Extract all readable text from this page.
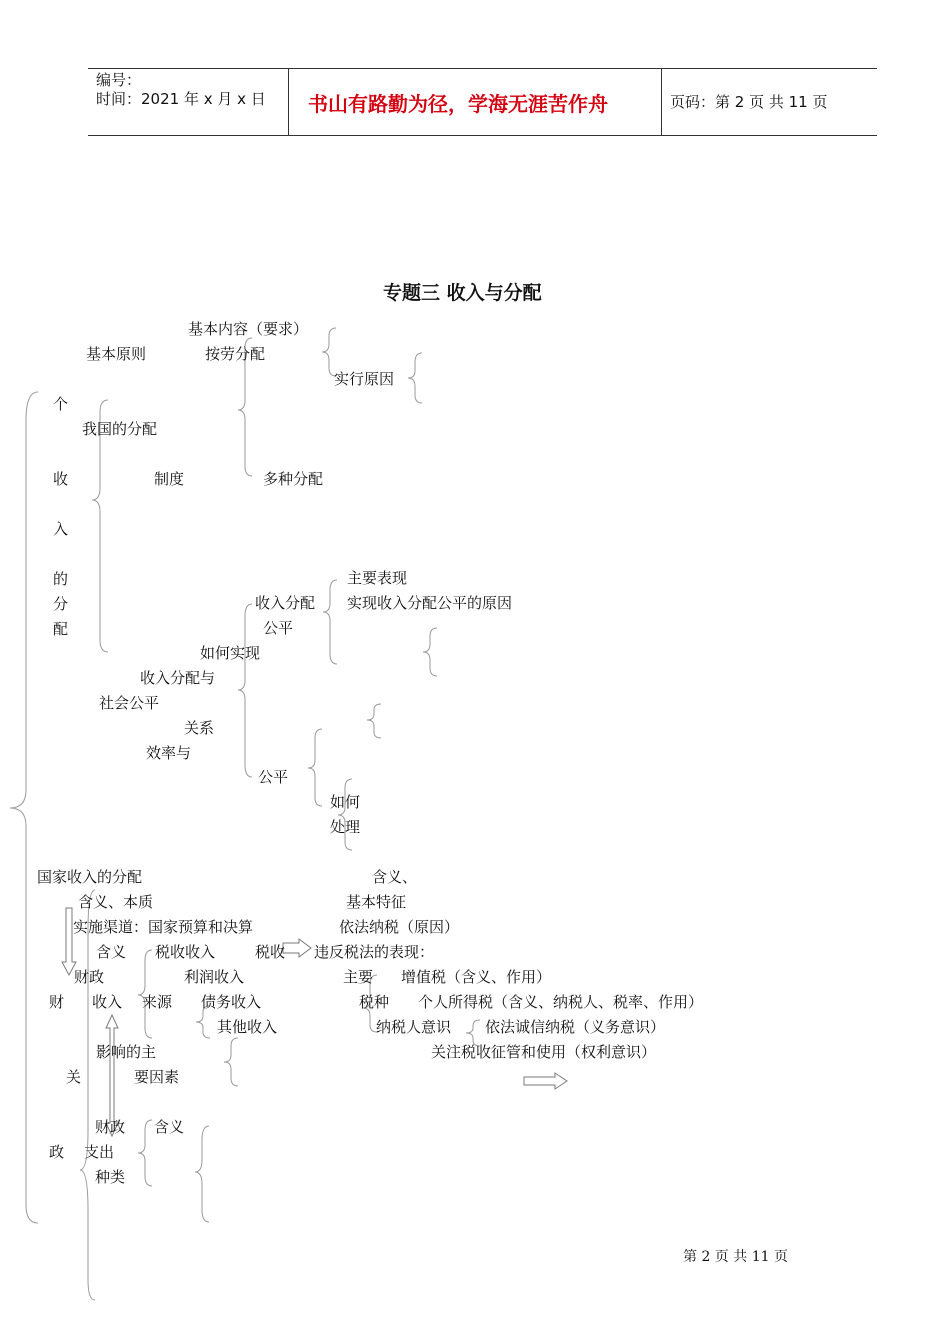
编号：
时间：2021 年 x 月 x 日 书山有路勤为径，学海无涯苦作舟	页码：第 2 页 共 11 页
专题三 收入与分配
个
收
入
的
分
配
基本内容（要求）
基本原则	按劳分配
实行原因
我国的分配
制度	多种分配
主要表现
收入分配 实现收入分配公平的原因
公平
如何实现
收入分配与
社会公平
关系
效率与
公平
如何
处理
国家收入的分配	含义、
含义、本质	基本特征
实施渠道：国家预算和决算	依法纳税（原因）
含义 税收收入	税收 违反税法的表现：
财政	利润收入	主要 增值税（含义、作用）
财 收入 来源 债务收入	税种 个人所得税（含义、纳税人、税率、作用）
其他收入	纳税人意识 依法诚信纳税（义务意识）
影响的主	关注税收征管和使用（权利意识）
关	要因素
财政 含义
政 支出
种类
第 2 页 共 11 页
